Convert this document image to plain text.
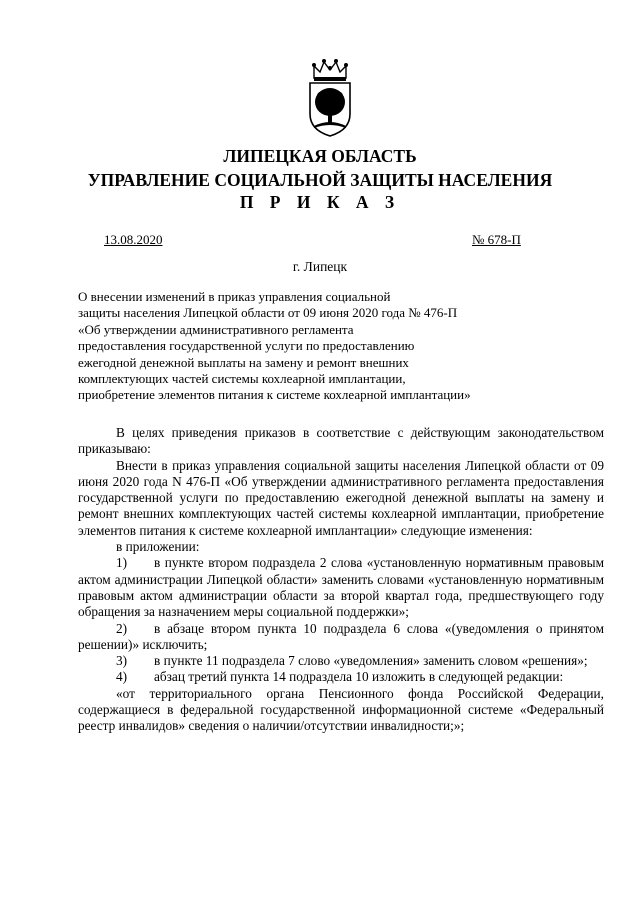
ЛИПЕЦКАЯ ОБЛАСТЬ
УПРАВЛЕНИЕ СОЦИАЛЬНОЙ ЗАЩИТЫ НАСЕЛЕНИЯ
П Р И К А З
13.08.2020	№ 678-П
г. Липецк
О внесении изменений в приказ управления социальной
защиты населения Липецкой области от 09 июня 2020 года № 476-П
«Об утверждении административного регламента
предоставления государственной услуги по предоставлению
ежегодной денежной выплаты на замену и ремонт внешних
комплектующих частей системы кохлеарной имплантации,
приобретение элементов питания к системе кохлеарной имплантации»

В целях приведения приказов в соответствие с действующим законодательством приказываю:

Внести в приказ управления социальной защиты населения Липецкой области от 09 июня 2020 года N 476-П «Об утверждении административного регламента предоставления государственной услуги по предоставлению ежегодной денежной выплаты на замену и ремонт внешних комплектующих частей системы кохлеарной имплантации, приобретение элементов питания к системе кохлеарной имплантации» следующие изменения:

в приложении:

1) в пункте втором подраздела 2 слова «установленную нормативным правовым актом администрации Липецкой области» заменить словами «установленную нормативным правовым актом администрации области за второй квартал года, предшествующего году обращения за назначением меры социальной поддержки»;

2) в абзаце втором пункта 10 подраздела 6 слова «(уведомления о принятом решении)» исключить;

3) в пункте 11 подраздела 7 слово «уведомления» заменить словом «решения»;

4) абзац третий пункта 14 подраздела 10 изложить в следующей редакции:

«от территориального органа Пенсионного фонда Российской Федерации, содержащиеся в федеральной государственной информационной системе «Федеральный реестр инвалидов» сведения о наличии/отсутствии инвалидности;»;
